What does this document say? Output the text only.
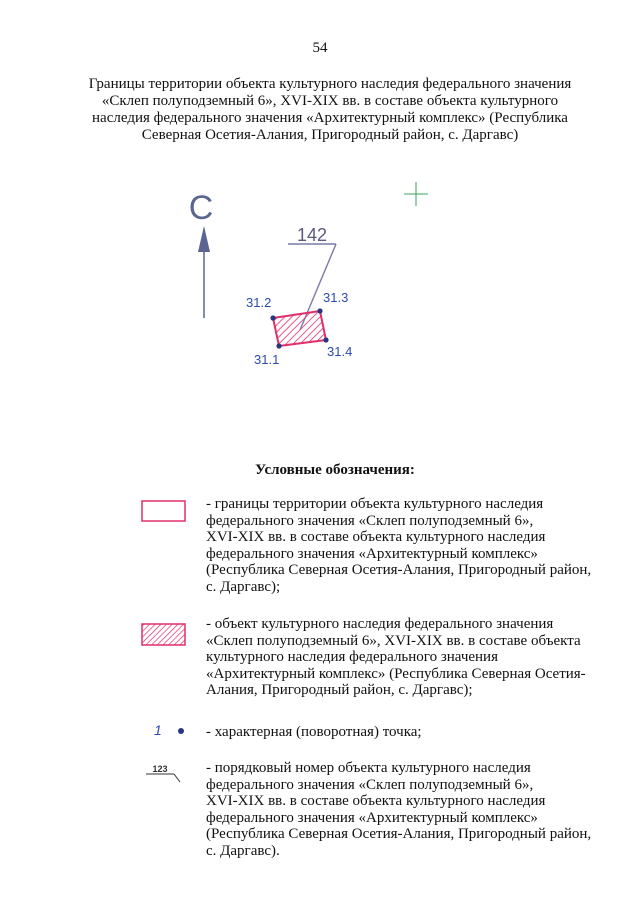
54
Границы территории объекта культурного наследия федерального значения
«Склеп полуподземный 6», XVI-XIX вв. в составе объекта культурного
наследия федерального значения «Архитектурный комплекс» (Республика
Северная Осетия-Алания, Пригородный район, с. Даргавс)
С
142
31.1
31.2	31.3
31.4
Условные обозначения:
- границы территории объекта культурного наследия
федерального значения «Склеп полуподземный 6»,
XVI-XIX вв. в составе объекта культурного наследия
федерального значения «Архитектурный комплекс»
(Республика Северная Осетия-Алания, Пригородный район,
с. Даргавс);
- объект культурного наследия федерального значения
«Склеп полуподземный 6», XVI-XIX вв. в составе объекта
культурного наследия федерального значения
«Архитектурный комплекс» (Республика Северная Осетия-
Алания, Пригородный район, с. Даргавс);
1	- характерная (поворотная) точка;
123	- порядковый номер объекта культурного наследия
федерального значения «Склеп полуподземный 6»,
XVI-XIX вв. в составе объекта культурного наследия
федерального значения «Архитектурный комплекс»
(Республика Северная Осетия-Алания, Пригородный район,
с. Даргавс).
